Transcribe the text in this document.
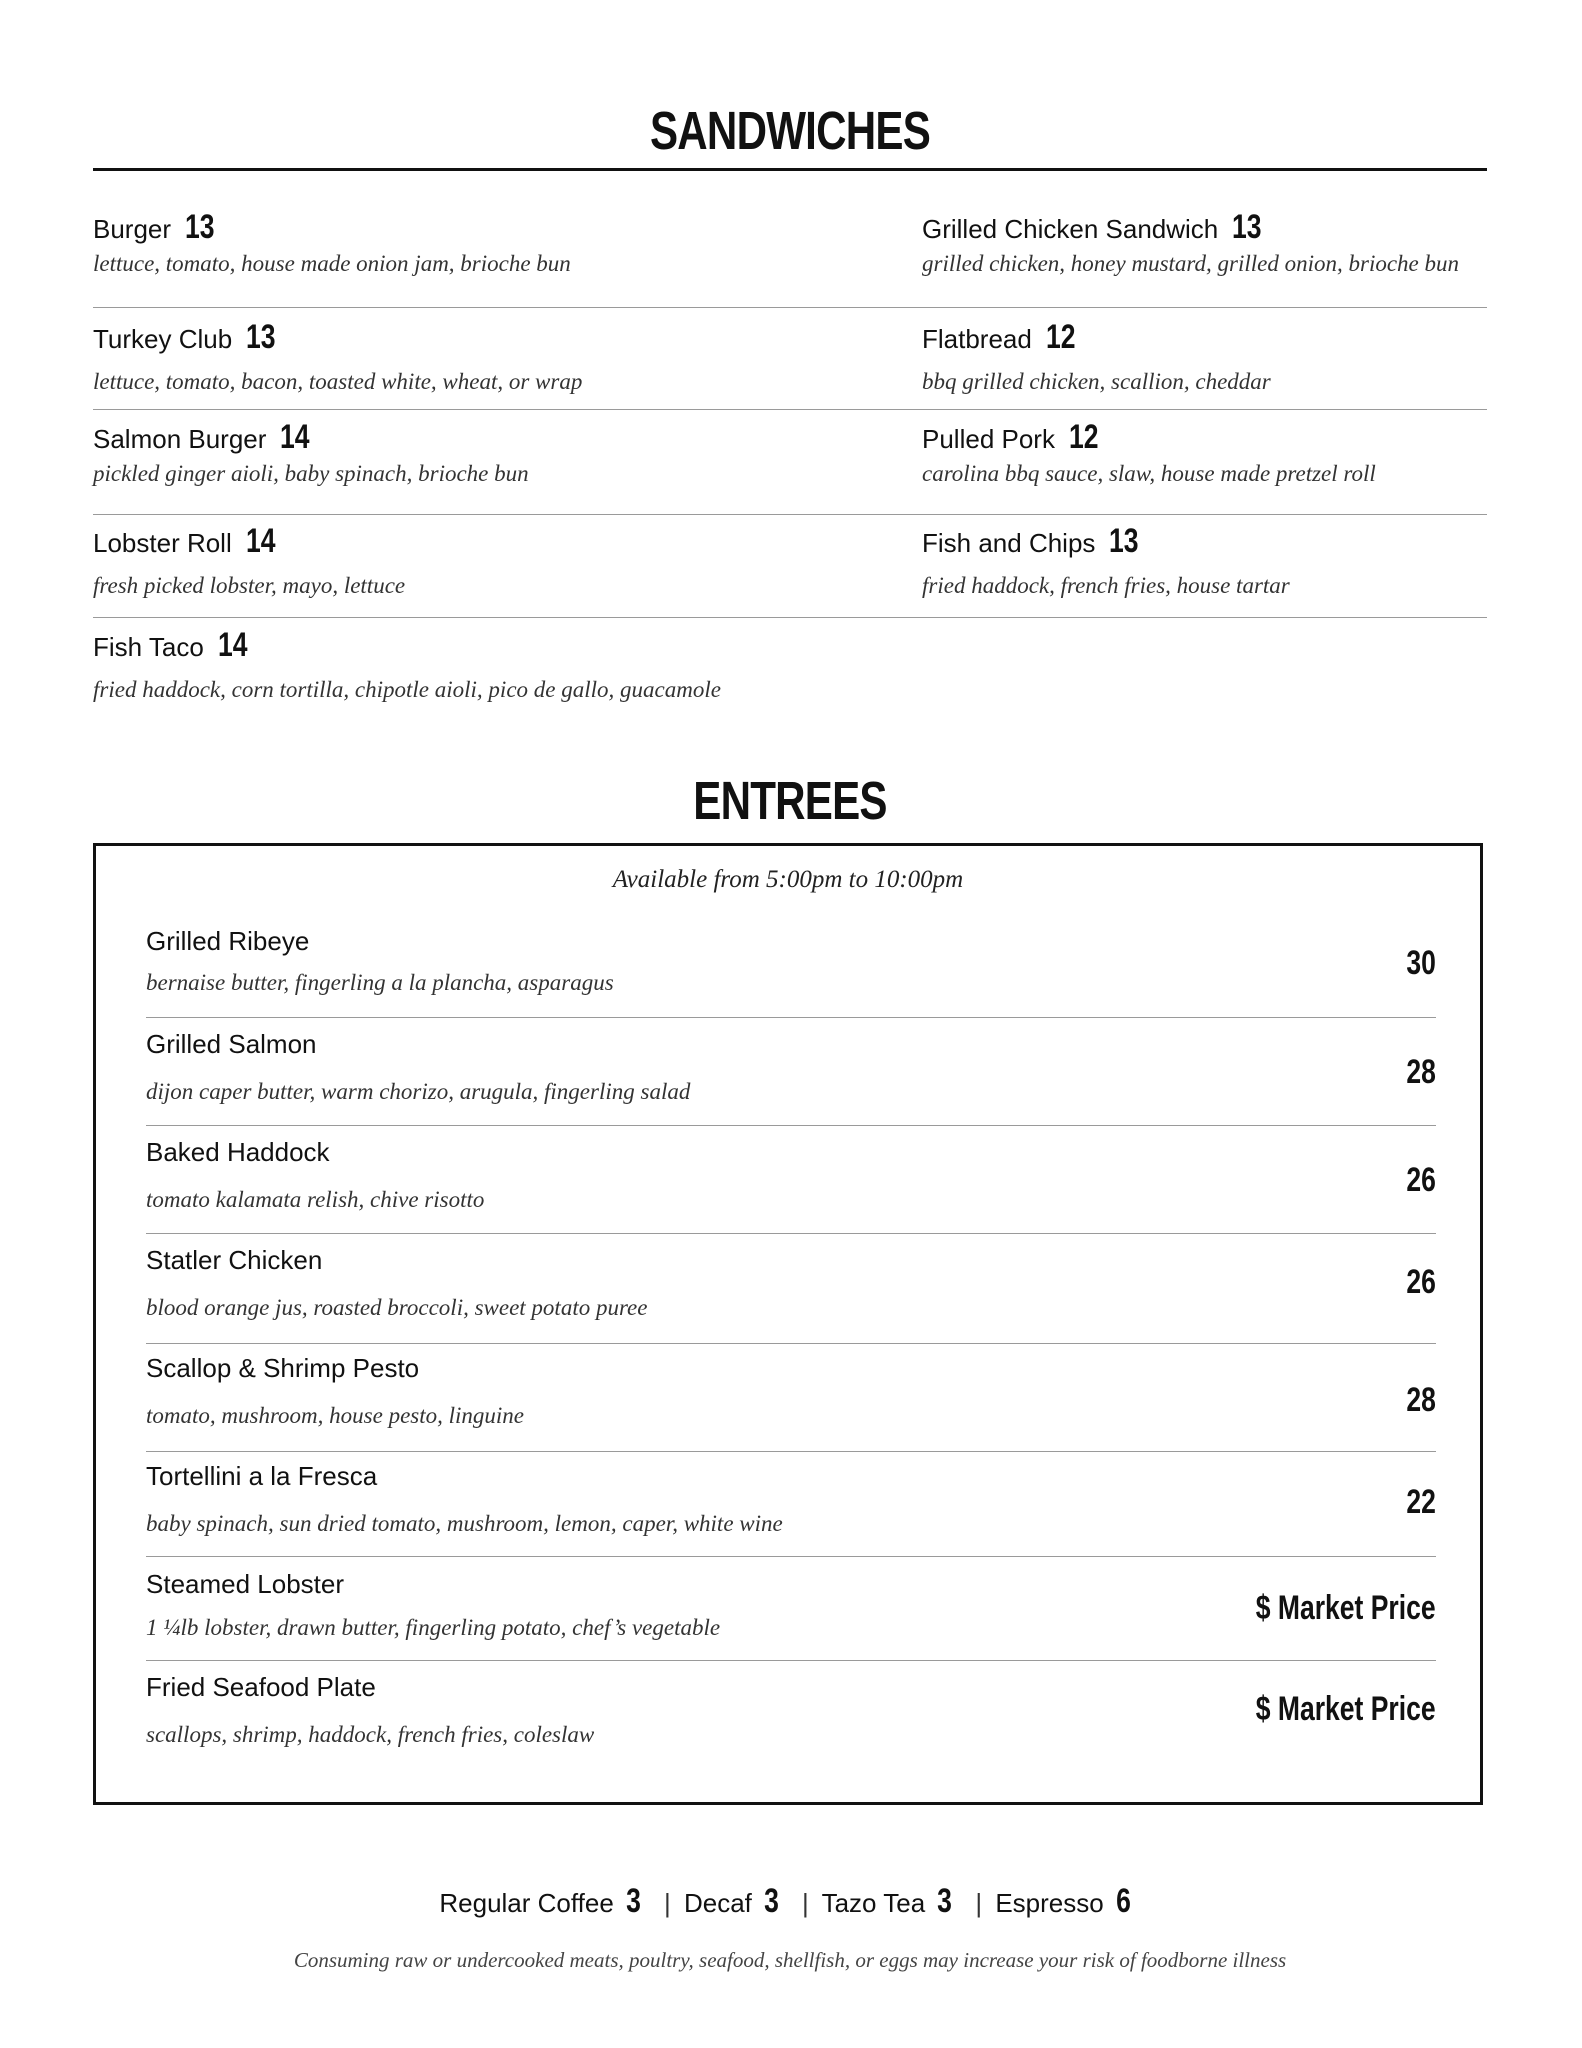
SANDWICHES
Burger 13
lettuce, tomato, house made onion jam, brioche bun
Grilled Chicken Sandwich 13
grilled chicken, honey mustard, grilled onion, brioche bun
Turkey Club 13
lettuce, tomato, bacon, toasted white, wheat, or wrap
Flatbread 12
bbq grilled chicken, scallion, cheddar
Salmon Burger 14
pickled ginger aioli, baby spinach, brioche bun
Pulled Pork 12
carolina bbq sauce, slaw, house made pretzel roll
Lobster Roll 14
fresh picked lobster, mayo, lettuce
Fish and Chips 13
fried haddock, french fries, house tartar
Fish Taco 14
fried haddock, corn tortilla, chipotle aioli, pico de gallo, guacamole
ENTREES
Available from 5:00pm to 10:00pm
Grilled Ribeye
bernaise butter, fingerling a la plancha, asparagus
30
Grilled Salmon
dijon caper butter, warm chorizo, arugula, fingerling salad
28
Baked Haddock
tomato kalamata relish, chive risotto
26
Statler Chicken
blood orange jus, roasted broccoli, sweet potato puree
26
Scallop & Shrimp Pesto
tomato, mushroom, house pesto, linguine	28
Tortellini a la Fresca
baby spinach, sun dried tomato, mushroom, lemon, caper, white wine
22
Steamed Lobster
1 ¼lb lobster, drawn butter, fingerling potato, chef’s vegetable
$ Market Price
Fried Seafood Plate
scallops, shrimp, haddock, french fries, coleslaw
$ Market Price
Regular Coffee 3 | Decaf 3 | Tazo Tea 3 | Espresso 6
Consuming raw or undercooked meats, poultry, seafood, shellfish, or eggs may increase your risk of foodborne illness
